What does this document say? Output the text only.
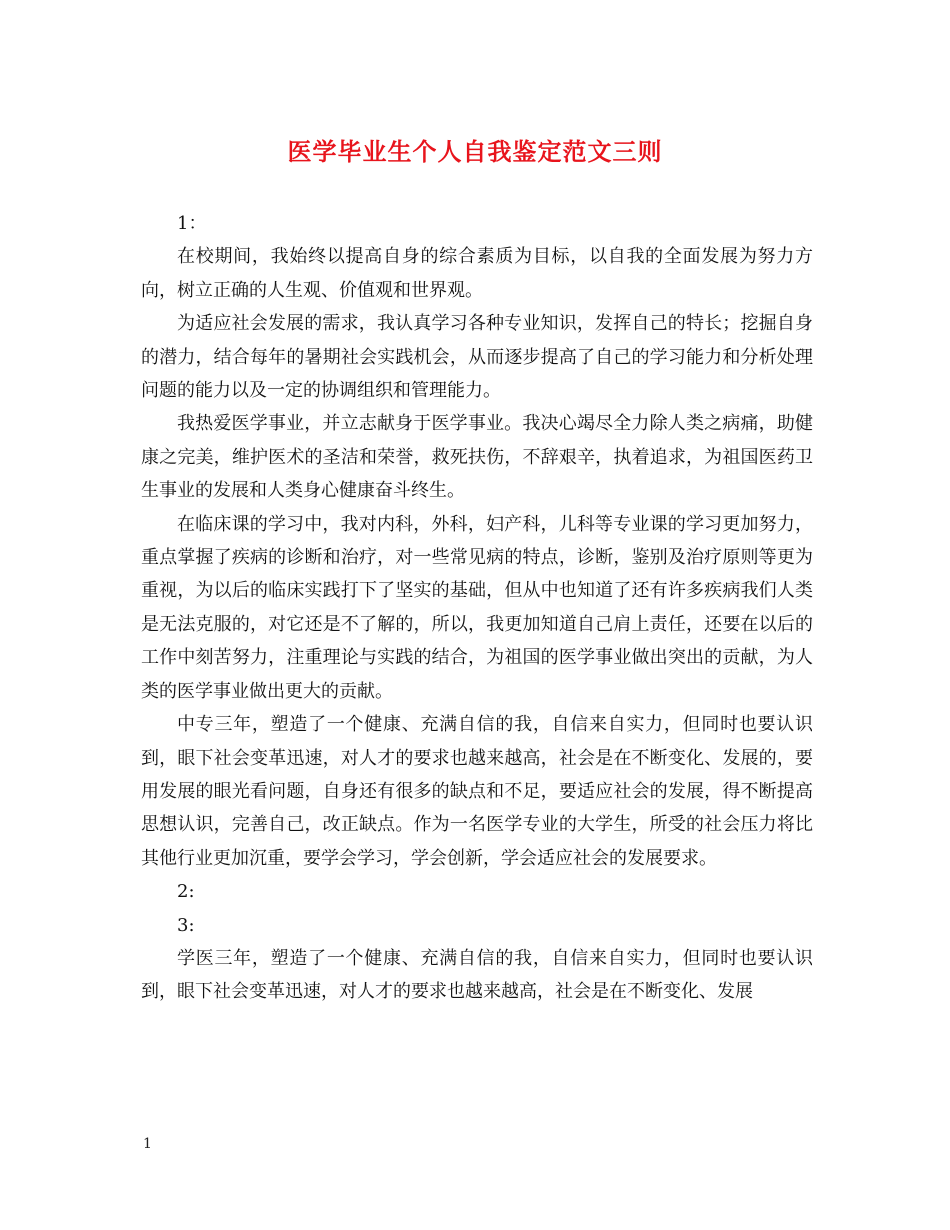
医学毕业生个人自我鉴定范文三则

1：

在校期间，我始终以提高自身的综合素质为目标，以自我的全面发展为努力方向，树立正确的人生观、价值观和世界观。

为适应社会发展的需求，我认真学习各种专业知识，发挥自己的特长；挖掘自身的潜力，结合每年的暑期社会实践机会，从而逐步提高了自己的学习能力和分析处理问题的能力以及一定的协调组织和管理能力。

我热爱医学事业，并立志献身于医学事业。我决心竭尽全力除人类之病痛，助健康之完美，维护医术的圣洁和荣誉，救死扶伤，不辞艰辛，执着追求，为祖国医药卫生事业的发展和人类身心健康奋斗终生。

在临床课的学习中，我对内科，外科，妇产科，儿科等专业课的学习更加努力，重点掌握了疾病的诊断和治疗，对一些常见病的特点，诊断，鉴别及治疗原则等更为重视，为以后的临床实践打下了坚实的基础，但从中也知道了还有许多疾病我们人类是无法克服的，对它还是不了解的，所以，我更加知道自己肩上责任，还要在以后的工作中刻苦努力，注重理论与实践的结合，为祖国的医学事业做出突出的贡献，为人类的医学事业做出更大的贡献。

中专三年，塑造了一个健康、充满自信的我，自信来自实力，但同时也要认识到，眼下社会变革迅速，对人才的要求也越来越高，社会是在不断变化、发展的，要用发展的眼光看问题，自身还有很多的缺点和不足，要适应社会的发展，得不断提高思想认识，完善自己，改正缺点。作为一名医学专业的大学生，所受的社会压力将比其他行业更加沉重，要学会学习，学会创新，学会适应社会的发展要求。

2:

3:

学医三年，塑造了一个健康、充满自信的我，自信来自实力，但同时也要认识到，眼下社会变革迅速，对人才的要求也越来越高，社会是在不断变化、发展

1
